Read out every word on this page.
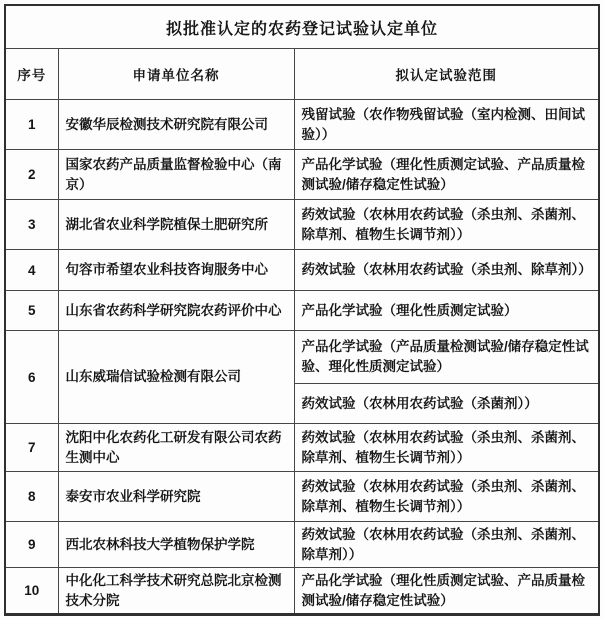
拟批准认定的农药登记试验认定单位		
序号	申请单位名称	拟认定试验范围
1	安徽华辰检测技术研究院有限公司	残留试验（农作物残留试验（室内检测、田间试验））
2	国家农药产品质量监督检验中心（南京）	产品化学试验（理化性质测定试验、产品质量检测试验/储存稳定性试验）
3	湖北省农业科学院植保土肥研究所	药效试验（农林用农药试验（杀虫剂、杀菌剂、除草剂、植物生长调节剂））
4	句容市希望农业科技咨询服务中心	药效试验（农林用农药试验（杀虫剂、除草剂））
5	山东省农药科学研究院农药评价中心	产品化学试验（理化性质测定试验）
6	山东威瑞信试验检测有限公司	产品化学试验（产品质量检测试验/储存稳定性试验、理化性质测定试验）
		药效试验（农林用农药试验（杀菌剂））
7	沈阳中化农药化工研发有限公司农药生测中心	药效试验（农林用农药试验（杀虫剂、杀菌剂、除草剂、植物生长调节剂））
8	泰安市农业科学研究院	药效试验（农林用农药试验（杀虫剂、杀菌剂、除草剂、植物生长调节剂））
9	西北农林科技大学植物保护学院	药效试验（农林用农药试验（杀虫剂、杀菌剂、除草剂））
10	中化化工科学技术研究总院北京检测技术分院	产品化学试验（理化性质测定试验、产品质量检测试验/储存稳定性试验）
